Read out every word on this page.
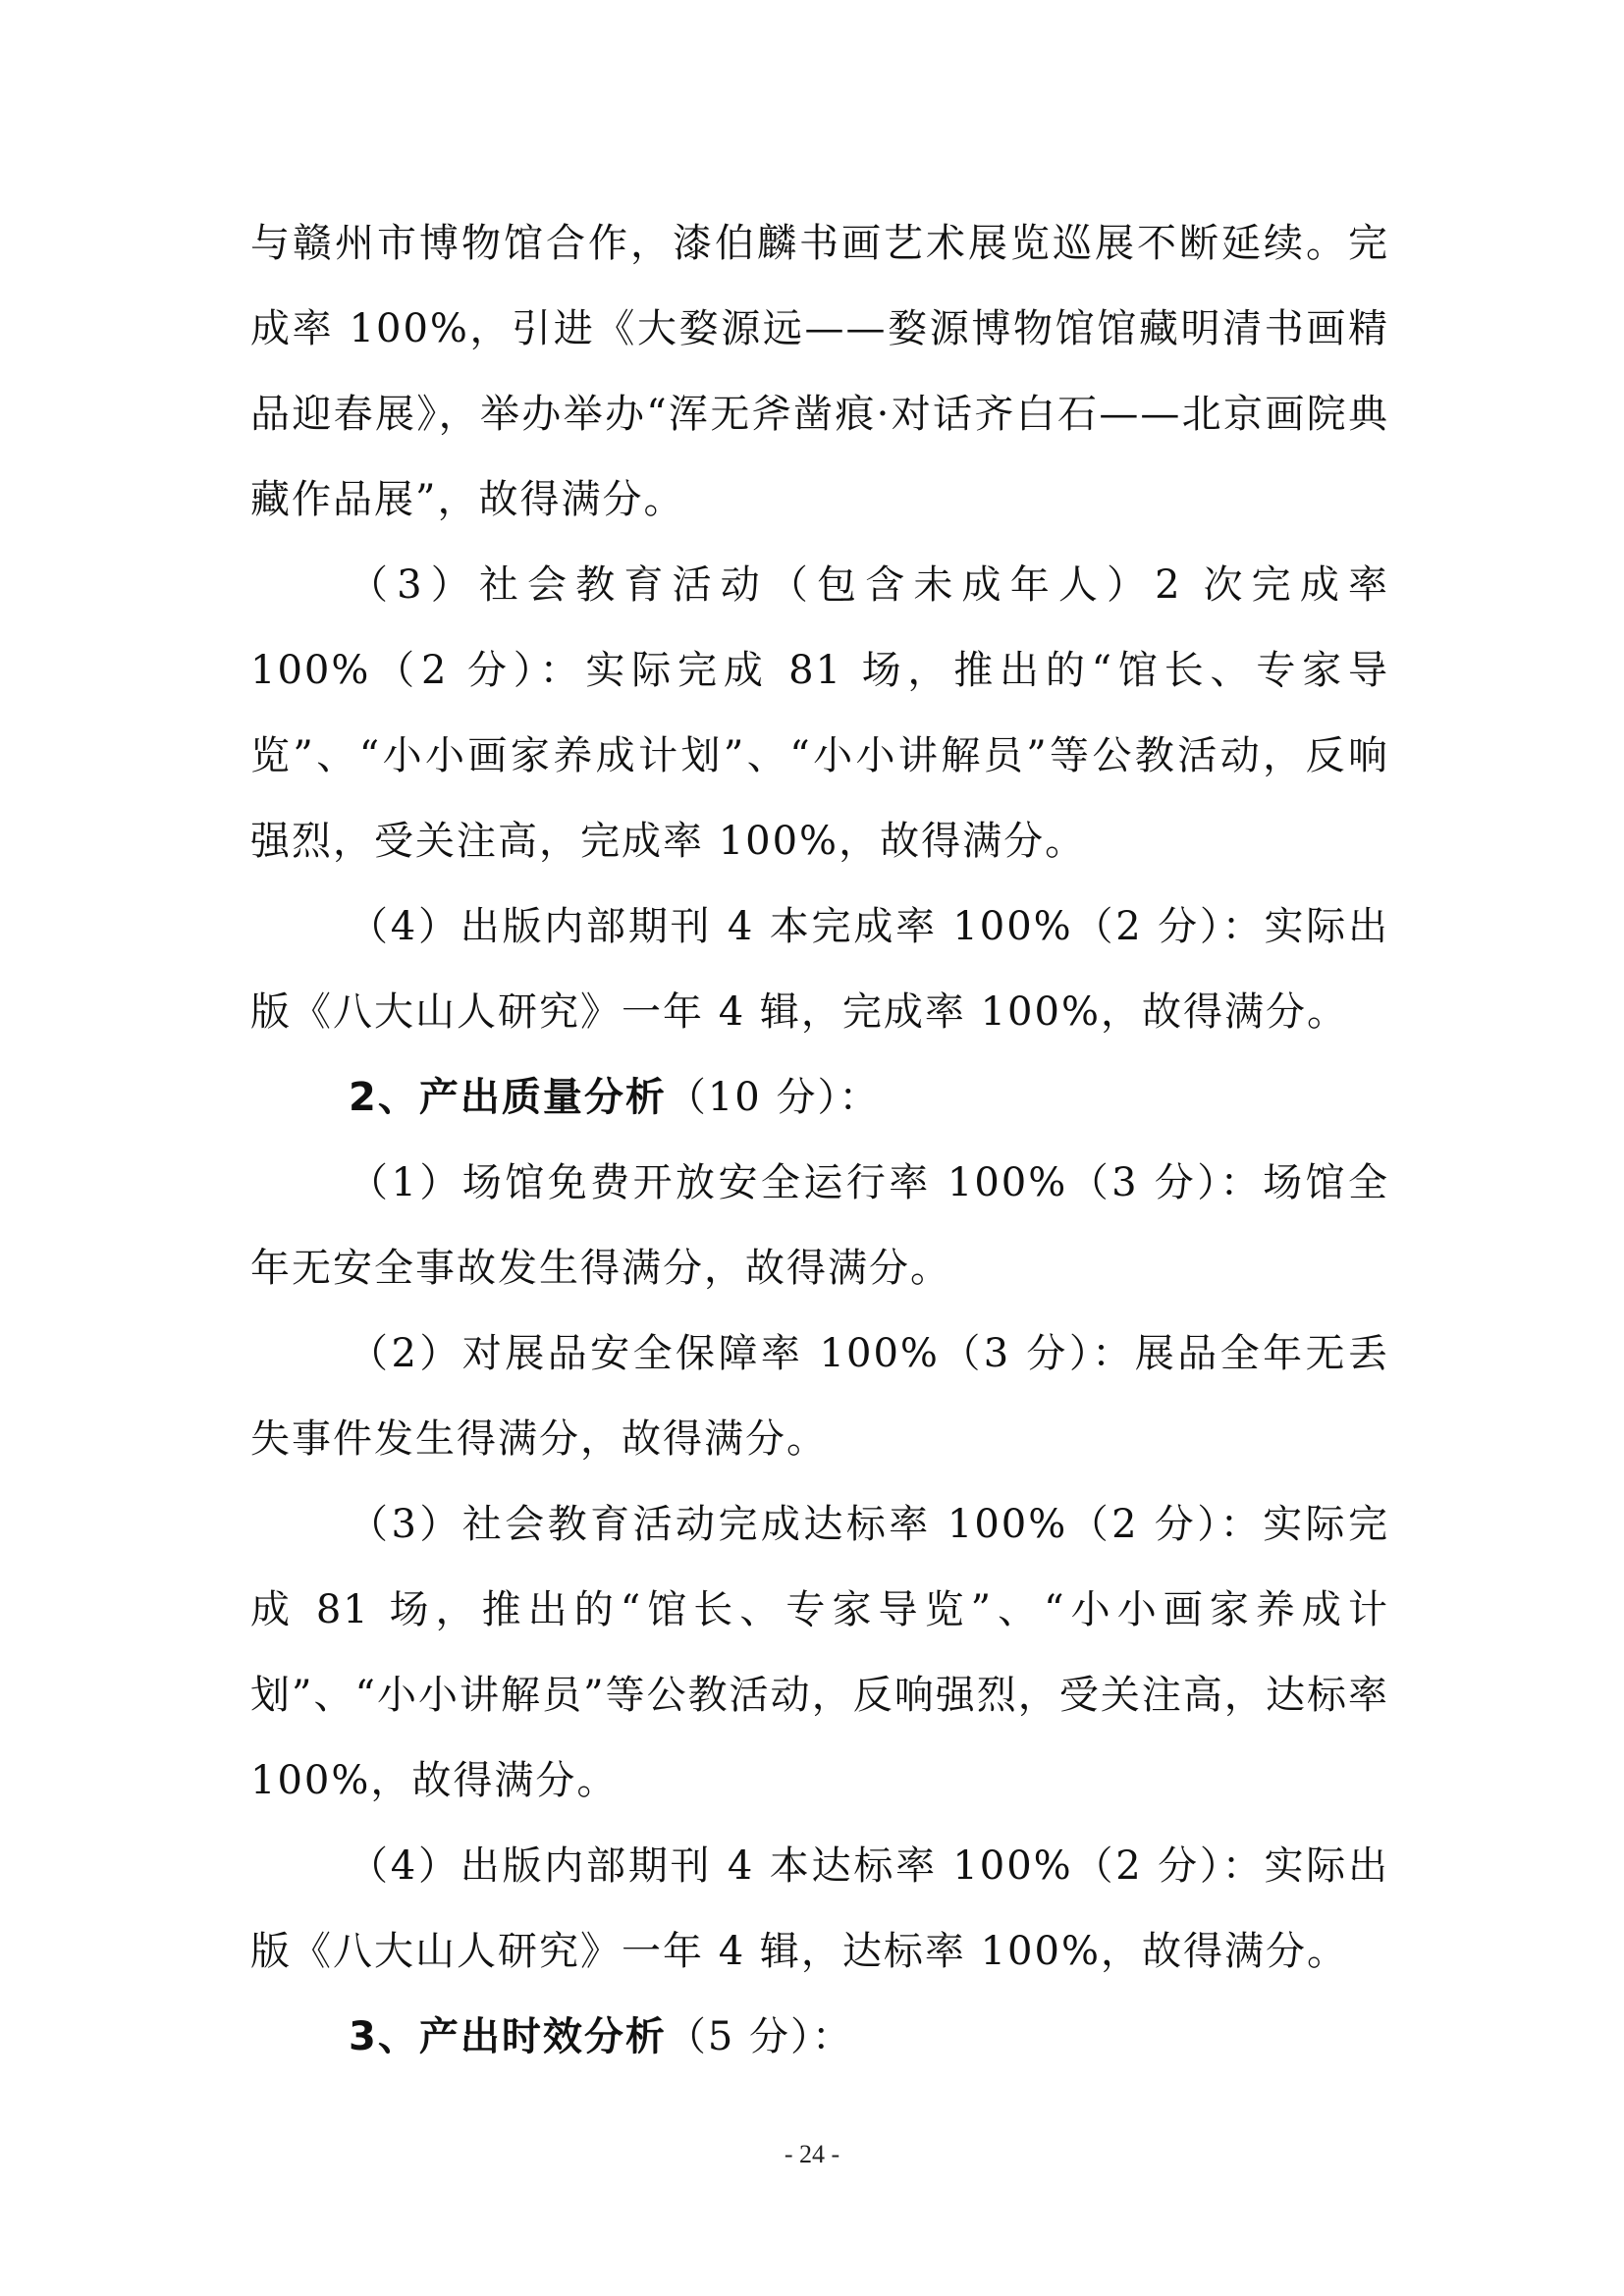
与赣州市博物馆合作，漆伯麟书画艺术展览巡展不断延续。完成率 100%，引进《大婺源远——婺源博物馆馆藏明清书画精品迎春展》，举办举办“浑无斧凿痕·对话齐白石——北京画院典藏作品展”，故得满分。

（3）社会教育活动（包含未成年人）2 次完成率 100%（2 分）：实际完成 81 场，推出的“馆长、专家导览”、“小小画家养成计划”、“小小讲解员”等公教活动，反响强烈，受关注高，完成率 100%，故得满分。

（4）出版内部期刊 4 本完成率 100%（2 分）：实际出版《八大山人研究》一年 4 辑，完成率 100%，故得满分。

2、产出质量分析（10 分）：

（1）场馆免费开放安全运行率 100%（3 分）：场馆全年无安全事故发生得满分，故得满分。

（2）对展品安全保障率 100%（3 分）：展品全年无丢失事件发生得满分，故得满分。

（3）社会教育活动完成达标率 100%（2 分）：实际完成 81 场，推出的“馆长、专家导览”、“小小画家养成计划”、“小小讲解员”等公教活动，反响强烈，受关注高，达标率 100%，故得满分。

（4）出版内部期刊 4 本达标率 100%（2 分）：实际出版《八大山人研究》一年 4 辑，达标率 100%，故得满分。

3、产出时效分析（5 分）：

- 24 -
